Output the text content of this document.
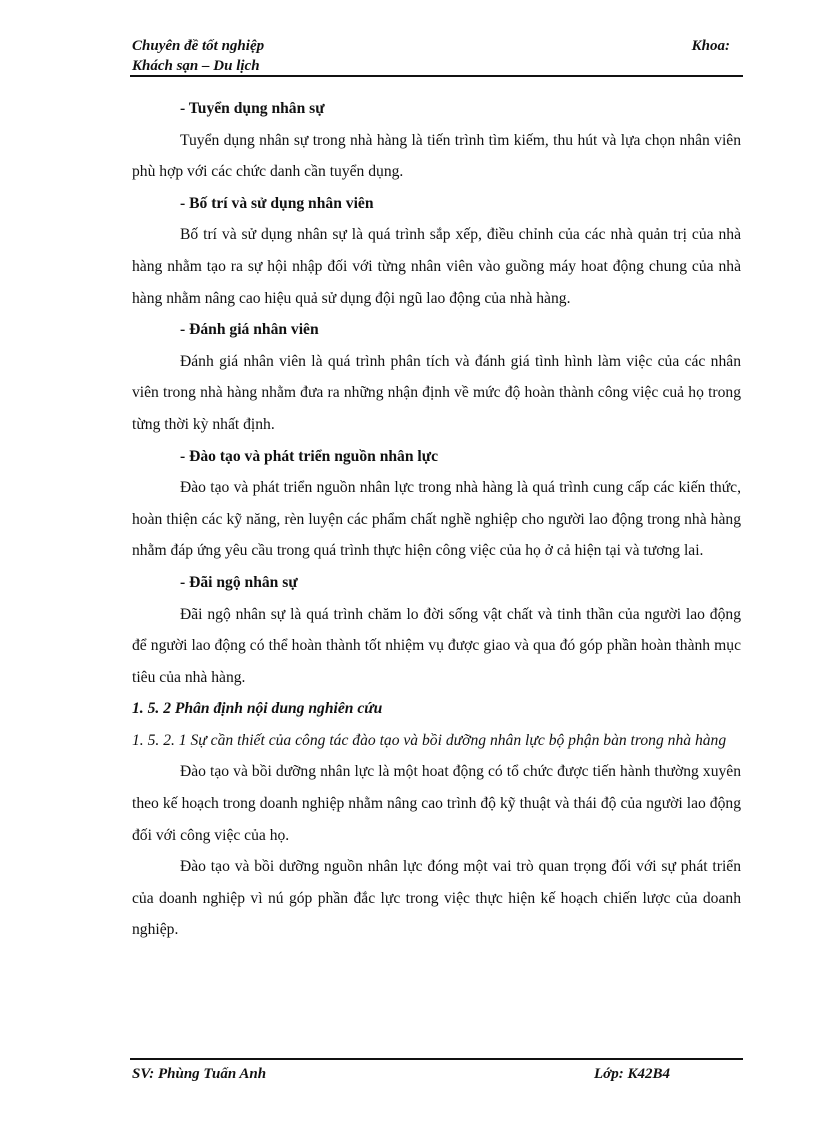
Chuyên đề tốt nghiệp
Khách sạn – Du lịch
Khoa:

- Tuyển dụng nhân sự

Tuyển dụng nhân sự trong nhà hàng là tiến trình tìm kiếm, thu hút và lựa chọn nhân viên phù hợp với các chức danh cần tuyển dụng.

- Bố trí và sử dụng nhân viên

Bố trí và sử dụng nhân sự là quá trình sắp xếp, điều chỉnh của các nhà quản trị của nhà hàng nhằm tạo ra sự hội nhập đối với từng nhân viên vào guồng máy hoat động chung của nhà hàng nhằm nâng cao hiệu quả sử dụng đội ngũ lao động của nhà hàng.

- Đánh giá nhân viên

Đánh giá nhân viên là quá trình phân tích và đánh giá tình hình làm việc của các nhân viên trong nhà hàng nhằm đưa ra những nhận định về mức độ hoàn thành công việc cuả họ trong từng thời kỳ nhất định.

- Đào tạo và phát triển nguồn nhân lực

Đào tạo và phát triển nguồn nhân lực trong nhà hàng là quá trình cung cấp các kiến thức, hoàn thiện các kỹ năng, rèn luyện các phẩm chất nghề nghiệp cho người lao động trong nhà hàng nhằm đáp ứng yêu cầu trong quá trình thực hiện công việc của họ ở cả hiện tại và tương lai.

- Đãi ngộ nhân sự

Đãi ngộ nhân sự là quá trình chăm lo đời sống vật chất và tinh thần của người lao động để người lao động có thể hoàn thành tốt nhiệm vụ được giao và qua đó góp phần hoàn thành mục tiêu của nhà hàng.

1. 5. 2 Phân định nội dung nghiên cứu

1. 5. 2. 1 Sự cần thiết của công tác đào tạo và bồi dưỡng nhân lực bộ phận bàn trong nhà hàng

Đào tạo và bồi dưỡng nhân lực là một hoat động có tổ chức được tiến hành thường xuyên theo kế hoạch trong doanh nghiệp nhằm nâng cao trình độ kỹ thuật và thái độ của người lao động đối với công việc của họ.

Đào tạo và bồi dưỡng nguồn nhân lực đóng một vai trò quan trọng đối với sự phát triển của doanh nghiệp vì nú góp phần đắc lực trong việc thực hiện kế hoạch chiến lược của doanh nghiệp.

SV: Phùng Tuấn Anh	Lớp: K42B4
